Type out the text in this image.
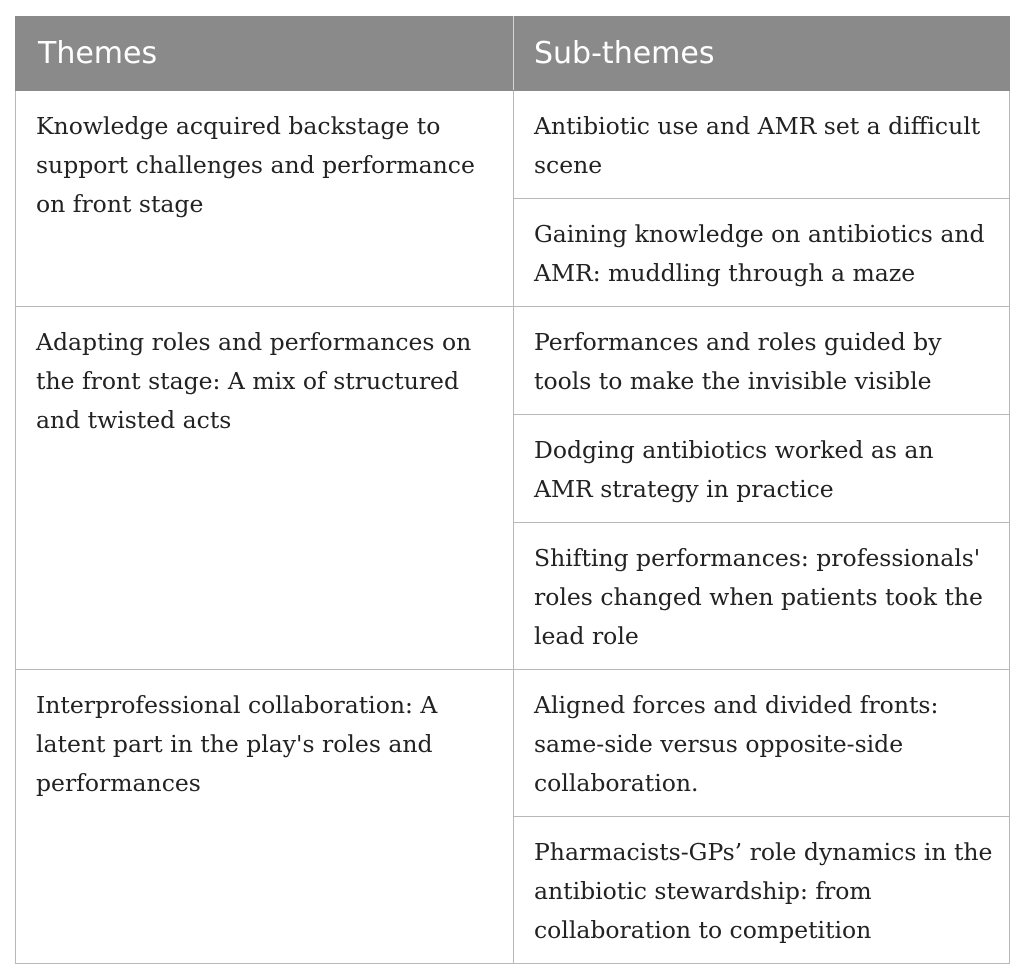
Themes	Sub-themes
Knowledge acquired backstage to support challenges and performance on front stage	Antibiotic use and AMR set a difficult scene
	Gaining knowledge on antibiotics and AMR: muddling through a maze
Adapting roles and performances on the front stage: A mix of structured and twisted acts	Performances and roles guided by tools to make the invisible visible
	Dodging antibiotics worked as an AMR strategy in practice
	Shifting performances: professionals' roles changed when patients took the lead role
Interprofessional collaboration: A latent part in the play's roles and performances	Aligned forces and divided fronts: same-side versus opposite-side collaboration.
	Pharmacists-GPs’ role dynamics in the antibiotic stewardship: from collaboration to competition
